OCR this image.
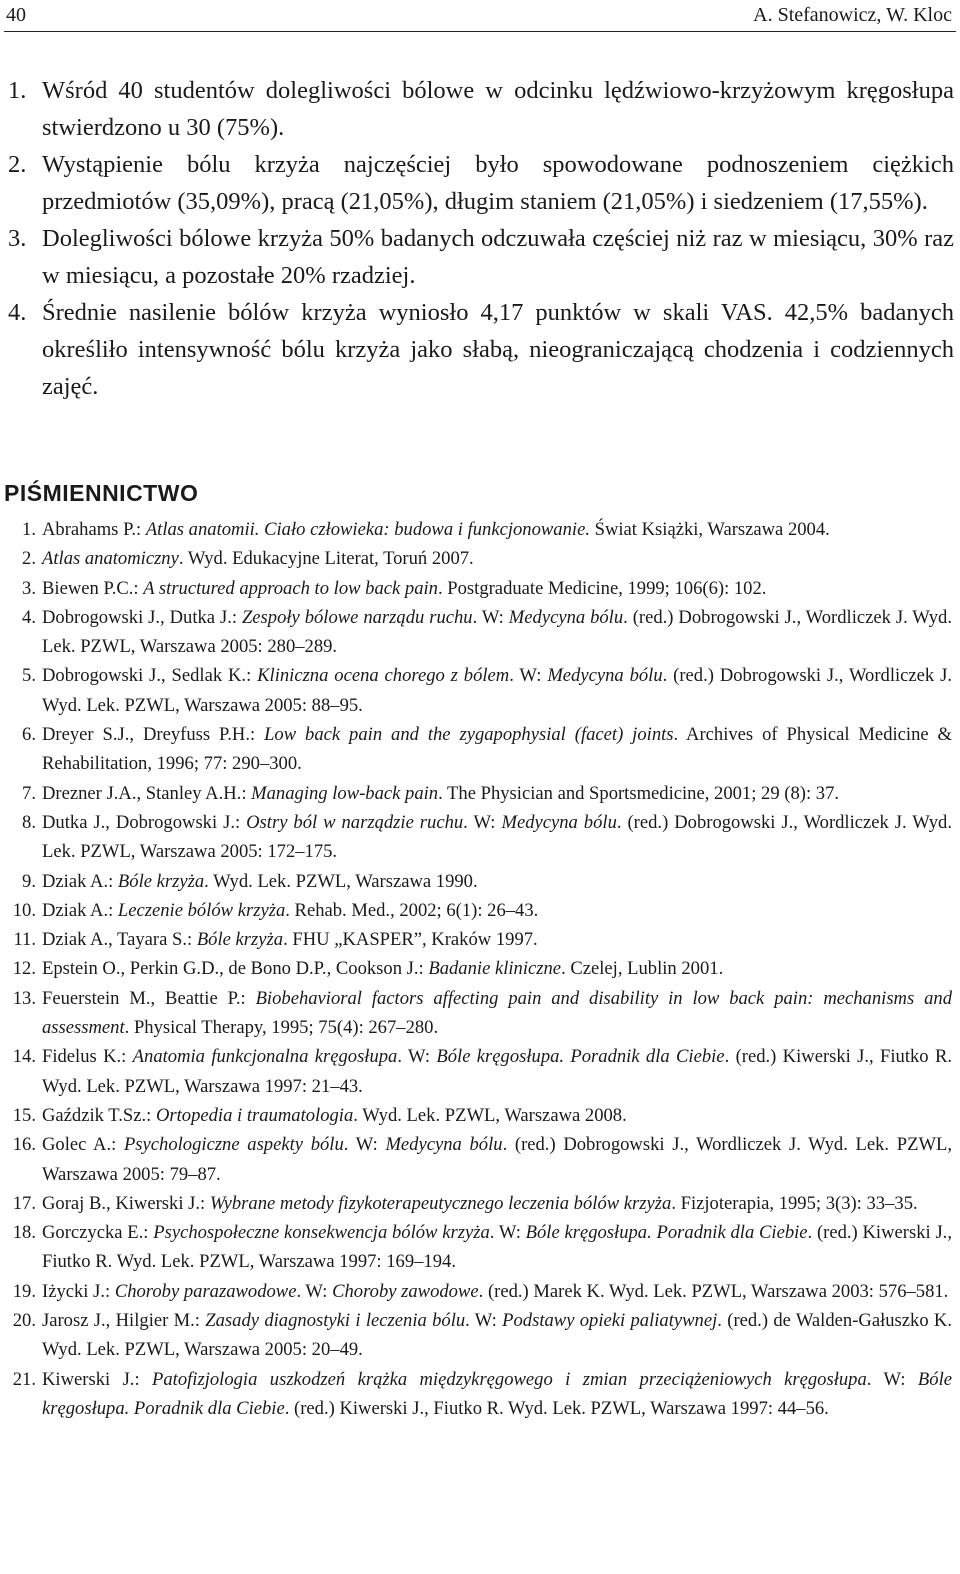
40	A. Stefanowicz, W. Kloc
1. Wśród 40 studentów dolegliwości bólowe w odcinku lędźwiowo-krzyżowym kręgosłupa stwierdzono u 30 (75%).
2. Wystąpienie bólu krzyża najczęściej było spowodowane podnoszeniem ciężkich przedmiotów (35,09%), pracą (21,05%), długim staniem (21,05%) i siedzeniem (17,55%).
3. Dolegliwości bólowe krzyża 50% badanych odczuwała częściej niż raz w miesiącu, 30% raz w miesiącu, a pozostałe 20% rzadziej.
4. Średnie nasilenie bólów krzyża wyniosło 4,17 punktów w skali VAS. 42,5% badanych określiło intensywność bólu krzyża jako słabą, nieograniczającą chodzenia i codziennych zajęć.
PIŚMIENNICTWO
1. Abrahams P.: Atlas anatomii. Ciało człowieka: budowa i funkcjonowanie. Świat Książki, Warszawa 2004.
2. Atlas anatomiczny. Wyd. Edukacyjne Literat, Toruń 2007.
3. Biewen P.C.: A structured approach to low back pain. Postgraduate Medicine, 1999; 106(6): 102.
4. Dobrogowski J., Dutka J.: Zespoły bólowe narządu ruchu. W: Medycyna bólu. (red.) Dobrogowski J., Wordliczek J. Wyd. Lek. PZWL, Warszawa 2005: 280–289.
5. Dobrogowski J., Sedlak K.: Kliniczna ocena chorego z bólem. W: Medycyna bólu. (red.) Dobrogowski J., Wordliczek J. Wyd. Lek. PZWL, Warszawa 2005: 88–95.
6. Dreyer S.J., Dreyfuss P.H.: Low back pain and the zygapophysial (facet) joints. Archives of Physical Medicine & Rehabilitation, 1996; 77: 290–300.
7. Drezner J.A., Stanley A.H.: Managing low-back pain. The Physician and Sportsmedicine, 2001; 29 (8): 37.
8. Dutka J., Dobrogowski J.: Ostry ból w narządzie ruchu. W: Medycyna bólu. (red.) Dobrogowski J., Wordliczek J. Wyd. Lek. PZWL, Warszawa 2005: 172–175.
9. Dziak A.: Bóle krzyża. Wyd. Lek. PZWL, Warszawa 1990.
10. Dziak A.: Leczenie bólów krzyża. Rehab. Med., 2002; 6(1): 26–43.
11. Dziak A., Tayara S.: Bóle krzyża. FHU „KASPER”, Kraków 1997.
12. Epstein O., Perkin G.D., de Bono D.P., Cookson J.: Badanie kliniczne. Czelej, Lublin 2001.
13. Feuerstein M., Beattie P.: Biobehavioral factors affecting pain and disability in low back pain: mechanisms and assessment. Physical Therapy, 1995; 75(4): 267–280.
14. Fidelus K.: Anatomia funkcjonalna kręgosłupa. W: Bóle kręgosłupa. Poradnik dla Ciebie. (red.) Kiwerski J., Fiutko R. Wyd. Lek. PZWL, Warszawa 1997: 21–43.
15. Gaździk T.Sz.: Ortopedia i traumatologia. Wyd. Lek. PZWL, Warszawa 2008.
16. Golec A.: Psychologiczne aspekty bólu. W: Medycyna bólu. (red.) Dobrogowski J., Wordliczek J. Wyd. Lek. PZWL, Warszawa 2005: 79–87.
17. Goraj B., Kiwerski J.: Wybrane metody fizykoterapeutycznego leczenia bólów krzyża. Fizjoterapia, 1995; 3(3): 33–35.
18. Gorczycka E.: Psychospołeczne konsekwencja bólów krzyża. W: Bóle kręgosłupa. Poradnik dla Ciebie. (red.) Kiwerski J., Fiutko R. Wyd. Lek. PZWL, Warszawa 1997: 169–194.
19. Iżycki J.: Choroby parazawodowe. W: Choroby zawodowe. (red.) Marek K. Wyd. Lek. PZWL, Warszawa 2003: 576–581.
20. Jarosz J., Hilgier M.: Zasady diagnostyki i leczenia bólu. W: Podstawy opieki paliatywnej. (red.) de Walden-Gałuszko K. Wyd. Lek. PZWL, Warszawa 2005: 20–49.
21. Kiwerski J.: Patofizjologia uszkodzeń krążka międzykręgowego i zmian przeciążeniowych kręgosłupa. W: Bóle kręgosłupa. Poradnik dla Ciebie. (red.) Kiwerski J., Fiutko R. Wyd. Lek. PZWL, Warszawa 1997: 44–56.
